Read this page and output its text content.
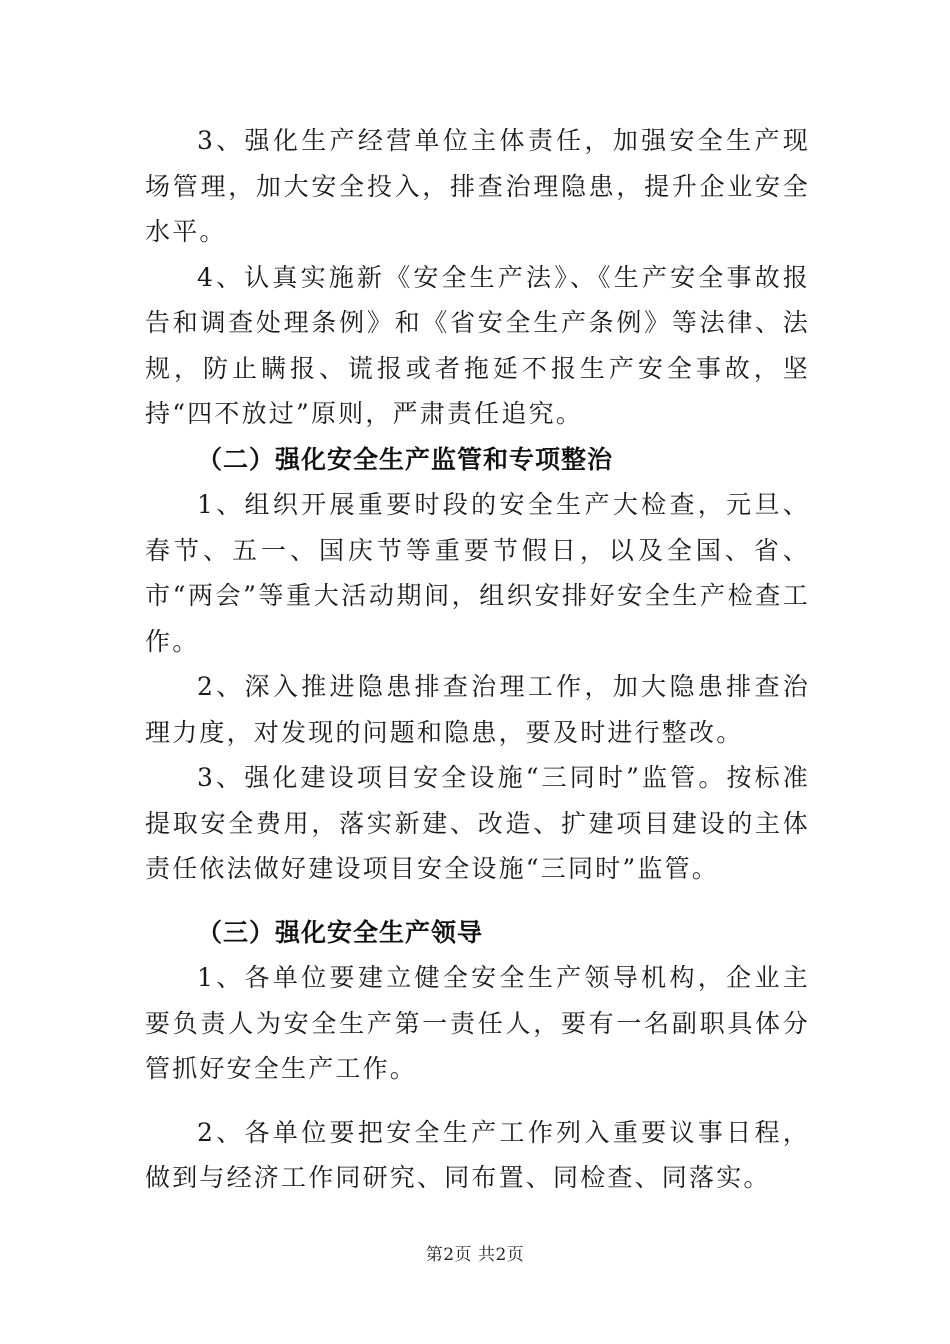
3、强化生产经营单位主体责任，加强安全生产现场管理，加大安全投入，排查治理隐患，提升企业安全水平。

4、认真实施新《安全生产法》、《生产安全事故报告和调查处理条例》和《省安全生产条例》等法律、法规，防止瞒报、谎报或者拖延不报生产安全事故，坚持“四不放过”原则，严肃责任追究。

（二）强化安全生产监管和专项整治

1、组织开展重要时段的安全生产大检查，元旦、春节、五一、国庆节等重要节假日，以及全国、省、市“两会”等重大活动期间，组织安排好安全生产检查工作。

2、深入推进隐患排查治理工作，加大隐患排查治理力度，对发现的问题和隐患，要及时进行整改。

3、强化建设项目安全设施“三同时”监管。按标准提取安全费用，落实新建、改造、扩建项目建设的主体责任依法做好建设项目安全设施“三同时”监管。

（三）强化安全生产领导

1、各单位要建立健全安全生产领导机构，企业主要负责人为安全生产第一责任人，要有一名副职具体分管抓好安全生产工作。

2、各单位要把安全生产工作列入重要议事日程，做到与经济工作同研究、同布置、同检查、同落实。

第2页 共2页
